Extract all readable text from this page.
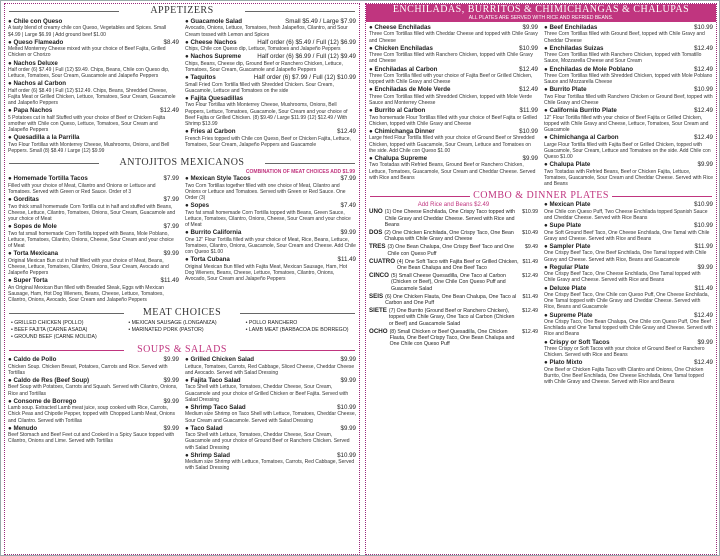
APPETIZERS
● Chile con Queso
A tasty blend of creamy chile con Queso, Vegetables and Spices. Small $4.99 | Large $6.99 | Add ground beef $1.00
● Queso Flameado	$8.49
Melted Monterrey Cheese mixed with your choice of Beef Fajita, Grilled Chicken or Chorizo
● Nachos Deluxe
Half order (6) $7.49 | Full (12) $9.49. Chips, Beans, Chile con Queso dip, Lettuce, Tomatoes, Sour Cream, Guacamole and Jalapeño Peppers
● Nachos al Carbon
Half order (6) $8.49 | Full (12) $12.49. Chips, Beans, Shredded Cheese, Fajita Meat or Grilled Chicken, Lettuce, Tomatoes, Sour Cream, Guacamole and Jalapeño Peppers
● Papa Nachos	$12.49
5 Potatoes cut in half Stuffed with your choice of Beef or Chicken Fajita smother with Chile con Queso, Lettuce, Tomatoes, Sour Cream and Jalapeño Peppers
● Quesadilla a la Parrilla
Two Flour Tortillas with Monterrey Cheese, Mushrooms, Onions, and Bell Peppers. Small (8) $8.49 / Large (12) $9.99
● Guacamole Salad	Small $5.49 / Large $7.99
Avocado, Onions, Lettuce, Tomatoes, fresh Jalapeños, Cilantro, and Sour Cream tossed with Lemon and Spices
● Cheese Nachos	Half order (6) $5.49 / Full (12) $6.99
Chips, Chile con Queso dip, Lettuce, Tomatoes and Jalapeño Peppers
● Nachos Supreme	Half order (6) $6.99 / Full (12) $9.49
Chips, Beans, Cheese dip, Ground Beef or Ranchero Chicken, Lettuce, Tomatoes, Sour Cream, Guacamole and Jalapeño Peppers
● Taquitos	Half order (6) $7.99 / Full (12) $10.99
Small Fried Corn Tortilla filled with Shredded Chicken. Sour Cream, Guacamole, Lettuce and Tomatoes on the side
● Fajita Quesadillas
Two Flour Tortillas with Monterrey Cheese, Mushrooms, Onions, Bell Peppers, Lettuce, Tomatoes, Guacamole, Sour Cream and your choice of Beef Fajita or Grilled Chicken. (8) $9.49 / Large $11.99 (12) $12.49 / With Shrimp $13.99
● Fries al Carbon	$12.49
French Fries topped with Chile con Queso, Beef or Chicken Fajita, Lettuce, Tomatoes, Sour Cream, Jalapeño Peppers and Guacamole
ANTOJITOS MEXICANOS
COMBINATION OF MEAT CHOICES ADD $1.99
● Homemade Tortilla Tacos	$7.99
Filled with your choice of Meat, Cilantro and Onions or Lettuce and Tomatoes. Served with Green or Red Sauce. Order of 3
● Gorditas	$7.99
Two thick small homemade Corn Tortilla cut in half and stuffed with Beans, Cheese, Lettuce, Cilantro, Tomatoes, Onions, Sour Cream, Guacamole and your choice of Meat
● Sopes de Mole	$7.99
Two fat small homemade Corn Tortilla topped with Beans, Mole Poblano, Lettuce, Tomatoes, Cilantro, Onions, Cheese, Sour Cream and your choice of Meat
● Torta Mexicana	$9.99
Original Mexican Bun cut in half filled with your choice of Meat, Beans, Cheese, Lettuce, Tomatoes, Cilantro, Onions, Sour Cream, Avocado and Jalapeño Peppers
● Super Torta	$11.49
An Original Mexican Bun filled with Breaded Steak, Eggs with Mexican Sausage, Ham, Hot Dog Wieners, Beans, Cheese, Lettuce, Tomatoes, Cilantro, Onions, Avocado, Sour Cream and Jalapeño Peppers
● Mexican Style Tacos	$7.99
Two Corn Tortillas together filled with one choice of Meat, Cilantro and Onions or Lettuce and Tomatoes. Served with Green or Red Sauce. One Order (3)
● Sopes	$7.49
Two fat small homemade Corn Tortilla topped with Beans, Green Sauce, Lettuce, Tomatoes, Cilantro, Onions, Cheese, Sour Cream and your choice of Meat
● Burrito California	$9.99
One 12" Flour Tortilla filled with your choice of Meat, Rice, Beans, Lettuce, Tomatoes, Cilantro, Onions, Guacamole, Sour Cream and Cheese. Add Chile con Queso $1.00
● Torta Cubana	$11.49
Original Mexican Bun filled with Fajita Meat, Mexican Sausage, Ham, Hot Dog Wieners, Beans, Cheese, Lettuce, Tomatoes, Cilantro, Onions, Avocado, Sour Cream and Jalapeño Peppers
MEAT CHOICES
• GRILLED CHICKEN (POLLO)
• BEEF FAJITA (CARNE ASADA)
• GROUND BEEF (CARNE MOLIDA)
• MEXICAN SAUSAGE (LONGANIZA)
• MARINATED PORK (PASTOR)
• POLLO RANCHERO
• LAMB MEAT (BARBACOA DE BORREGO)
SOUPS & SALADS
● Caldo de Pollo	$9.99
Chicken Soup. Chicken Breast, Potatoes, Carrots and Rice. Served with Tortillas
● Caldo de Res (Beef Soup)	$9.99
Beef Soup with Potatoes, Carrots and Squash. Served with Cilantro, Onions, Rice and Tortillas
● Consome de Borrego	$9.99
Lamb soup. Extracted Lamb meat juice, soup cooked with Rice, Carrots, Chick Peas and Chipotle Pepper, topped with Chopped Lamb Meat, Onions and Cilantro. Served with Tortillas
● Menudo	$9.99
Beef Stomach and Beef Feet cut and Cooked in a Spicy Sauce topped with Cilantro, Onions and Lime. Served with Tortillas
● Grilled Chicken Salad	$9.99
Lettuce, Tomatoes, Carrots, Red Cabbage, Sliced Cheese, Cheddar Cheese and Avocado. Served with Salad Dressing
● Fajita Taco Salad	$9.99
Taco Shell with Lettuce, Tomatoes, Cheddar Cheese, Sour Cream, Guacamole and your choice of Grilled Chicken or Beef Fajita. Served with Salad Dressing
● Shrimp Taco Salad	$10.99
Medium size Shrimp on Taco Shell with Lettuce, Tomatoes, Cheddar Cheese, Sour Cream and Guacamole. Served with Salad Dressing
● Taco Salad	$9.99
Taco Shell with Lettuce, Tomatoes, Cheddar Cheese, Sour Cream, Guacamole and your choice of Ground Beef or Ranchero Chicken. Served with Salad Dressing
● Shrimp Salad	$10.99
Medium size Shrimp with Lettuce, Tomatoes, Carrots, Red Cabbage, Served with Salad Dressing
ENCHILADAS, BURRITOS & CHIMICHANGAS & CHALUPAS
ALL PLATES ARE SERVED WITH RICE AND REFRIED BEANS.
● Cheese Enchiladas	$9.99
Three Corn Tortillas filled with Cheddar Cheese and topped with Chile Gravy and Cheese
● Chicken Enchiladas	$10.99
Three Corn Tortillas filled with Ranchero Chicken, topped with Chile Gravy and Cheese
● Enchiladas al Carbon	$12.49
Three Corn Tortilla filled with your choice of Fajita Beef or Grilled Chicken, topped with Chile Gravy and Cheese
● Enchiladas de Mole Verde	$12.49
Three Corn Tortillas filled with Shredded Chicken, topped with Mole Verde Sauce and Monterrey Cheese
● Burrito al Carbon	$11.99
Two homemade Flour Tortillas filled with your choice of Beef Fajita or Grilled Chicken, topped with Chile Gravy and Cheese
● Chimichanga Dinner	$10.99
Large fried Flour Tortilla filled with your choice of Ground Beef or Shredded Chicken, topped with Guacamole, Sour Cream, Lettuce and Tomatoes on the side. Add Chile con Queso $1.00
● Chalupa Supreme	$9.99
Two Tostadas with Refried Beans, Ground Beef or Ranchero Chicken, Lettuce, Tomatoes, Guacamole, Sour Cream and Cheddar Cheese. Served with Rice and Beans
● Beef Enchiladas	$10.99
Three Corn Tortillas filled with Ground Beef, topped with Chile Gravy and Cheddar Cheese
● Enchiladas Suizas	$12.49
Three Corn Tortillas filled with Ranchero Chicken, topped with Tomatillo Sauce, Mozzarella Cheese and Sour Cream
● Enchiladas de Mole Poblano	$12.49
Three Corn Tortillas filled with Shredded Chicken, topped with Mole Poblano Sauce and Mozzarella Cheese
● Burrito Plate	$10.99
Two Flour Tortillas filled with Ranchero Chicken or Ground Beef, topped with Chile Gravy and Cheese
● California Burrito Plate	$12.49
12" Flour Tortilla filled with your choice of Beef Fajita or Grilled Chicken, topped with Chile Gravy and Cheese, Lettuce, Tomatoes, Sour Cream and Guacamole
● Chimichanga al Carbon	$12.49
Large Flour Tortilla filled with Fajita Beef or Grilled Chicken, topped with Guacamole, Sour Cream, Lettuce and Tomatoes on the side. Add Chile con Queso $1.00
● Chalupa Plate	$9.99
Two Tostadas with Refried Beans, Beef or Chicken Fajita, Lettuce, Tomatoes, Guacamole, Sour Cream and Cheddar Cheese. Served with Rice and Beans
COMBO & DINNER PLATES
Add Rice and Beans $2.49
UNO (1) One Cheese Enchilada, One Crispy Taco topped with Chile Gravy and Cheddar Cheese. Served with Rice and Beans
$10.99
DOS (2) One Chicken Enchilada, One Crispy Taco, One Bean Chalupa with Chile Gravy and Cheese
$10.49
TRES (3) One Bean Chalupa, One Crispy Beef Taco and One Chile con Queso Puff
$9.49
CUATRO (4) One Soft Taco with Fajita Beef or Grilled Chicken, One Bean Chalupa and One Beef Taco
$11.49
CINCO (5) Small Cheese Quesadilla, One Taco al Carbon (Chicken or Beef), One Chile Con Queso Puff and Guacamole Salad
$12.49
SEIS (6) One Chicken Flauta, One Bean Chalupa, One Taco al Carbon and One Puff
$11.49
SIETE (7) One Burrito (Ground Beef or Ranchero Chicken), topped with Chile Gravy, One Taco al Carbon (Chicken or Beef) and Guacamole Salad
$12.49
OCHO (8) Small Chicken or Beef Quesadilla, One Chicken Flauta, One Beef Crispy Taco, One Bean Chalupa and One Chile con Queso Puff
$12.49
● Mexican Plate	$10.99
One Chile con Queso Puff, Two Cheese Enchilada topped Spanish Sauce and Cheddar Cheese. Served with Rice Beans
● Supe Plate	$10.99
One Soft Ground Beef Taco, One Cheese Enchilada, One Tamal with Chile Gravy and Cheese. Served with Rice and Beans
● Sampler Plate	$11.99
One Crispy Beef Taco, One Beef Enchilada, One Tamal topped with Chile Gravy and Cheese. Served with Rice, Beans and Guacamole
● Regular Plate	$9.99
One Crispy Beef Taco, One Cheese Enchilada, One Tamal topped with Chile Gravy and Cheese. Served with Rice and Beans
● Deluxe Plate	$11.49
One Crispy Beef Taco, One Chile con Queso Puff, One Cheese Enchilada, One Tamal topped with Chile Gravy and Cheddar Cheese. Served with Rice, Beans and Guacamole
● Supreme Plate	$12.49
One Crispy Taco, One Bean Chalupa, One Chile con Queso Puff, One Beef Enchilada and One Tamal topped with Chile Gravy and Cheese. Served with Rice and Beans
● Crispy or Soft Tacos	$9.99
Three Crispy or Soft Tacos with your choice of Ground Beef or Ranchero Chicken. Served with Rice and Beans
● Plato Mixto	$12.49
One Beef or Chicken Fajita Taco with Cilantro and Onions, One Chicken Burrito, One Beef Enchilada, One Cheese Enchilada, One Tamal topped with Chile Gravy and Cheese. Served with Rice and Beans
